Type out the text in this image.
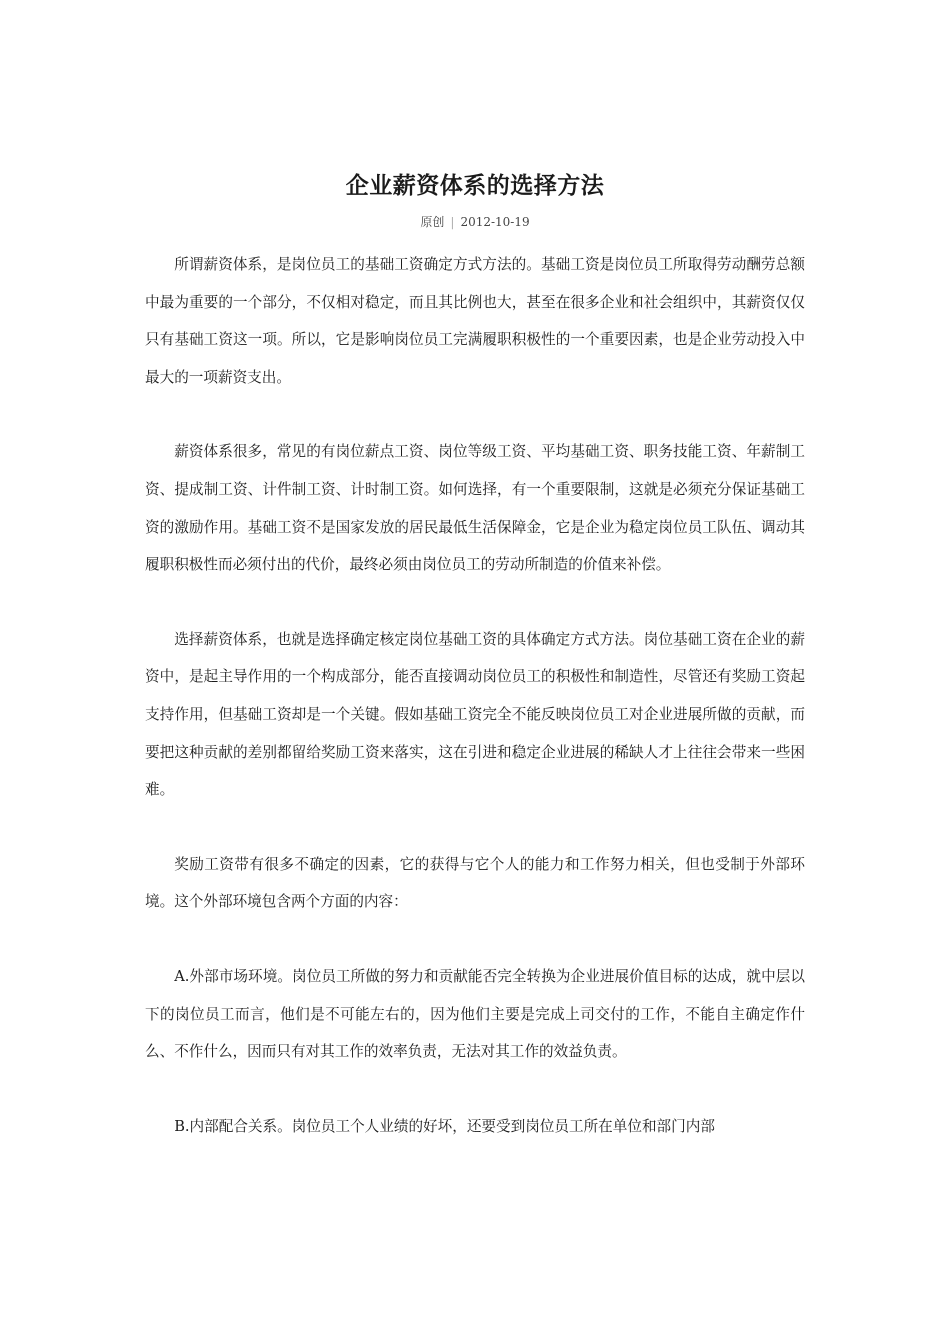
企业薪资体系的选择方法
原创 | 2012-10-19

所谓薪资体系，是岗位员工的基础工资确定方式方法的。基础工资是岗位员工所取得劳动酬劳总额中最为重要的一个部分，不仅相对稳定，而且其比例也大，甚至在很多企业和社会组织中，其薪资仅仅只有基础工资这一项。所以，它是影响岗位员工完满履职积极性的一个重要因素，也是企业劳动投入中最大的一项薪资支出。

薪资体系很多，常见的有岗位薪点工资、岗位等级工资、平均基础工资、职务技能工资、年薪制工资、提成制工资、计件制工资、计时制工资。如何选择，有一个重要限制，这就是必须充分保证基础工资的激励作用。基础工资不是国家发放的居民最低生活保障金，它是企业为稳定岗位员工队伍、调动其履职积极性而必须付出的代价，最终必须由岗位员工的劳动所制造的价值来补偿。

选择薪资体系，也就是选择确定核定岗位基础工资的具体确定方式方法。岗位基础工资在企业的薪资中，是起主导作用的一个构成部分，能否直接调动岗位员工的积极性和制造性，尽管还有奖励工资起支持作用，但基础工资却是一个关键。假如基础工资完全不能反映岗位员工对企业进展所做的贡献，而要把这种贡献的差别都留给奖励工资来落实，这在引进和稳定企业进展的稀缺人才上往往会带来一些困难。

奖励工资带有很多不确定的因素，它的获得与它个人的能力和工作努力相关，但也受制于外部环境。这个外部环境包含两个方面的内容：

A.外部市场环境。岗位员工所做的努力和贡献能否完全转换为企业进展价值目标的达成，就中层以下的岗位员工而言，他们是不可能左右的，因为他们主要是完成上司交付的工作，不能自主确定作什么、不作什么，因而只有对其工作的效率负责，无法对其工作的效益负责。

B.内部配合关系。岗位员工个人业绩的好坏，还要受到岗位员工所在单位和部门内部
